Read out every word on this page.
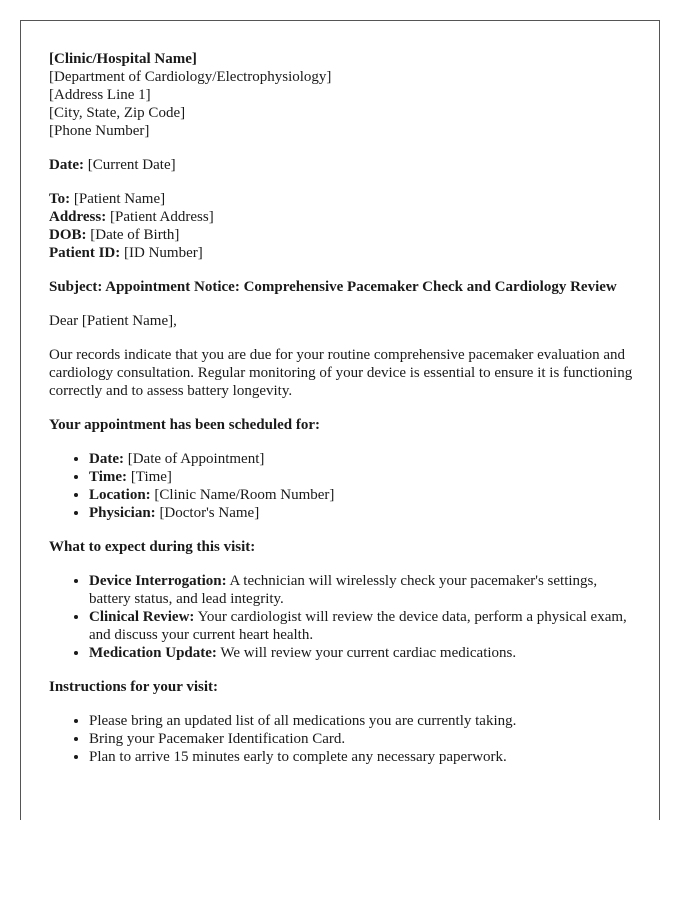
[Clinic/Hospital Name]
[Department of Cardiology/Electrophysiology]
[Address Line 1]
[City, State, Zip Code]
[Phone Number]

Date: [Current Date]

To: [Patient Name]
Address: [Patient Address]
DOB: [Date of Birth]
Patient ID: [ID Number]

Subject: Appointment Notice: Comprehensive Pacemaker Check and Cardiology Review

Dear [Patient Name],

Our records indicate that you are due for your routine comprehensive pacemaker evaluation and cardiology consultation. Regular monitoring of your device is essential to ensure it is functioning correctly and to assess battery longevity.

Your appointment has been scheduled for:

• Date: [Date of Appointment]
• Time: [Time]
• Location: [Clinic Name/Room Number]
• Physician: [Doctor's Name]

What to expect during this visit:

• Device Interrogation: A technician will wirelessly check your pacemaker's settings, battery status, and lead integrity.
• Clinical Review: Your cardiologist will review the device data, perform a physical exam, and discuss your current heart health.
• Medication Update: We will review your current cardiac medications.

Instructions for your visit:

• Please bring an updated list of all medications you are currently taking.
• Bring your Pacemaker Identification Card.
• Plan to arrive 15 minutes early to complete any necessary paperwork.
